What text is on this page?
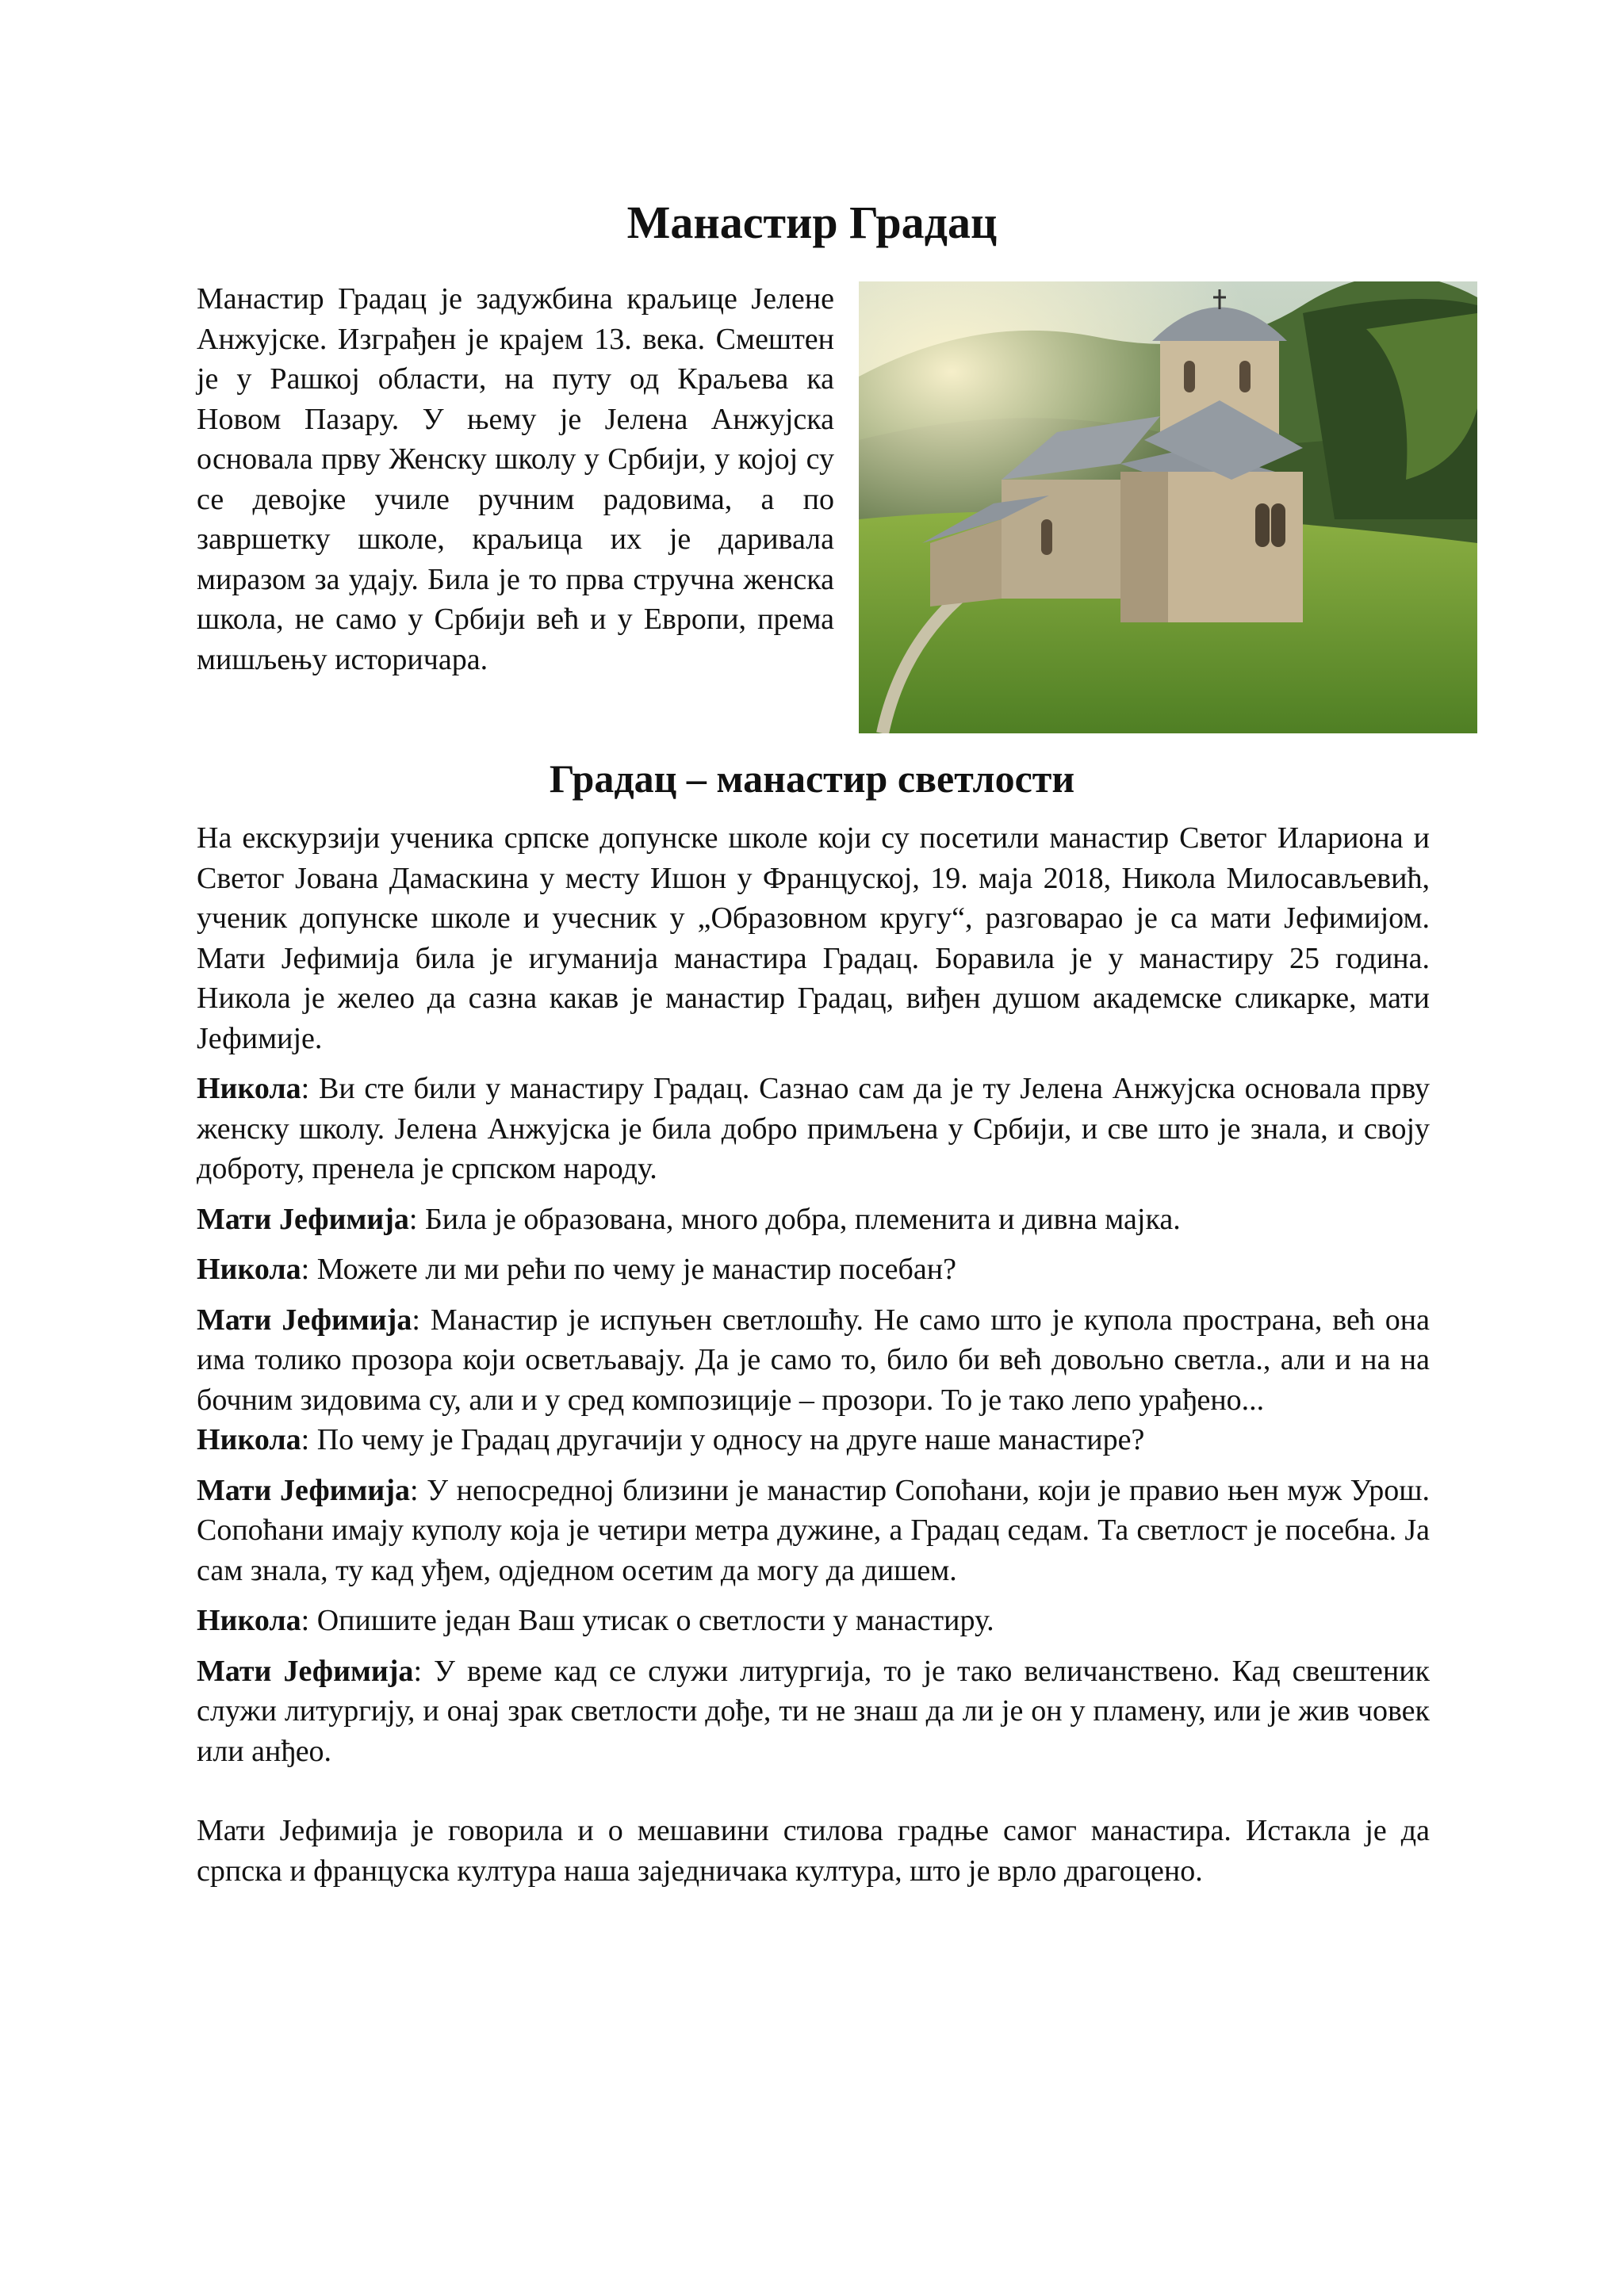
Манастир Градац
Манастир Градац је задужбина краљице Јелене Анжујске. Изграђен је крајем 13. века. Смештен је у Рашкој области, на путу од Краљева ка Новом Пазару. У њему је Јелена Анжујска основала прву Женску школу у Србији, у којој су се девојке училе ручним радовима, а по завршетку школе, краљица их је даривала миразом за удају. Била је то прва стручна женска школа, не само у Србији већ и у Европи, према мишљењу историчара.
Градац – манастир светлости

На екскурзији ученика српске допунске школе који су посетили манастир Светог Илариона и Светог Јована Дамаскина у месту Ишон у Француској, 19. маја 2018, Никола Милосављевић, ученик допунске школе и учесник у „Образовном кругу“, разговарао је са мати Јефимијом. Мати Јефимија била је игуманија манастира Градац. Боравила је у манастиру 25 година. Никола је желео да сазна какав је манастир Градац, виђен душом академске сликарке, мати Јефимије.

Никола: Ви сте били у манастиру Градац. Сазнао сам да је ту Јелена Анжујска основала прву женску школу. Јелена Анжујска је била добро примљена у Србији, и све што је знала, и своју доброту, пренела је српском народу.

Мати Јефимија: Била је образована, много добра, племенита и дивна мајка.

Никола: Можете ли ми рећи по чему је манастир посебан?

Мати Јефимија: Манастир је испуњен светлошћу. Не само што је купола пространа, већ она има толико прозора који осветљавају. Да је само то, било би већ довољно светла., али и на на бочним зидовима су, али и у сред композиције – прозори. То је тако лепо урађено...

Никола: По чему је Градац другачији у односу на друге наше манастире?

Мати Јефимија: У непосредној близини је манастир Сопоћани, који је правио њен муж Урош. Сопоћани имају куполу која је четири метра дужине, а Градац седам. Та светлост је посебна. Ја сам знала, ту кад уђем, одједном осетим да могу да дишем.

Никола: Опишите један Ваш утисак о светлости у манастиру.

Мати Јефимија: У време кад се служи литургија, то је тако величанствено. Кад свештеник служи литургију, и онај зрак светлости дође, ти не знаш да ли је он у пламену, или је жив човек или анђео.

Мати Јефимија је говорила и о мешавини стилова градње самог манастира. Истакла је да српска и француска култура наша заједничака култура, што је врло драгоцено.
